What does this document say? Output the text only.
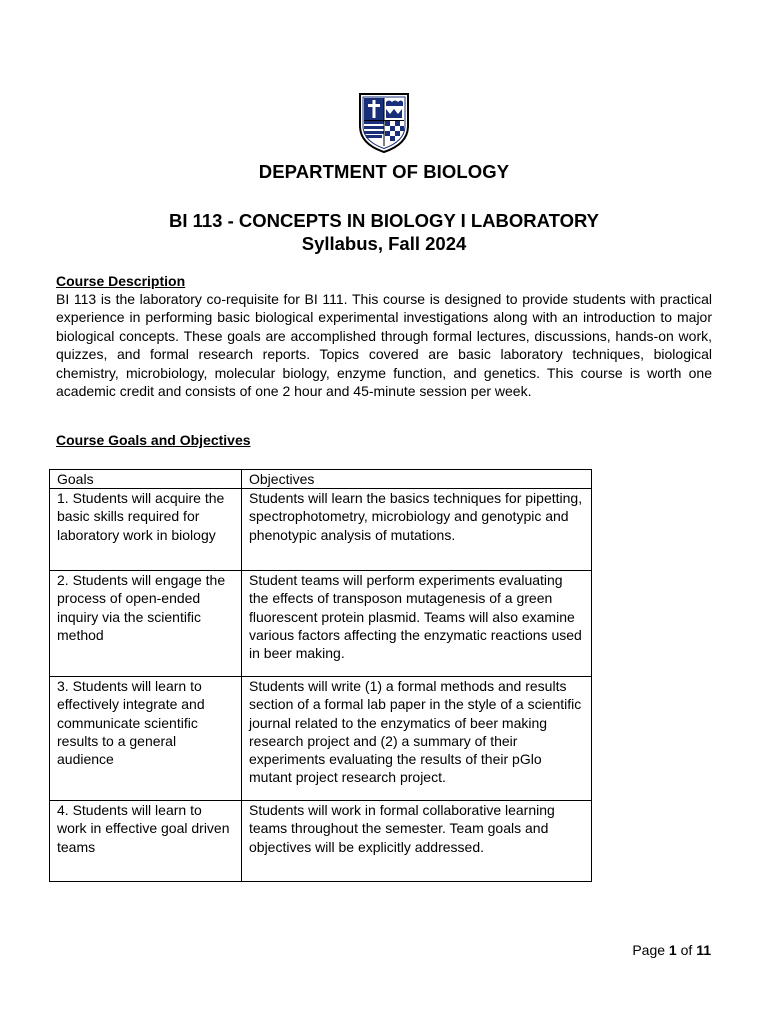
DEPARTMENT OF BIOLOGY
BI 113 - CONCEPTS IN BIOLOGY I LABORATORY
Syllabus, Fall 2024
Course Description

BI 113 is the laboratory co-requisite for BI 111. This course is designed to provide students with practical experience in performing basic biological experimental investigations along with an introduction to major biological concepts. These goals are accomplished through formal lectures, discussions, hands-on work, quizzes, and formal research reports. Topics covered are basic laboratory techniques, biological chemistry, microbiology, molecular biology, enzyme function, and genetics. This course is worth one academic credit and consists of one 2 hour and 45-minute session per week.

Course Goals and Objectives
Goals	Objectives
1. Students will acquire the basic skills required for laboratory work in biology	Students will learn the basics techniques for pipetting, spectrophotometry, microbiology and genotypic and phenotypic analysis of mutations.
2. Students will engage the process of open-ended inquiry via the scientific method	Student teams will perform experiments evaluating the effects of transposon mutagenesis of a green fluorescent protein plasmid. Teams will also examine various factors affecting the enzymatic reactions used in beer making.
3. Students will learn to effectively integrate and communicate scientific results to a general audience	Students will write (1) a formal methods and results section of a formal lab paper in the style of a scientific journal related to the enzymatics of beer making research project and (2) a summary of their experiments evaluating the results of their pGlo mutant project research project.
4. Students will learn to work in effective goal driven teams	Students will work in formal collaborative learning teams throughout the semester. Team goals and objectives will be explicitly addressed.
Page 1 of 11
